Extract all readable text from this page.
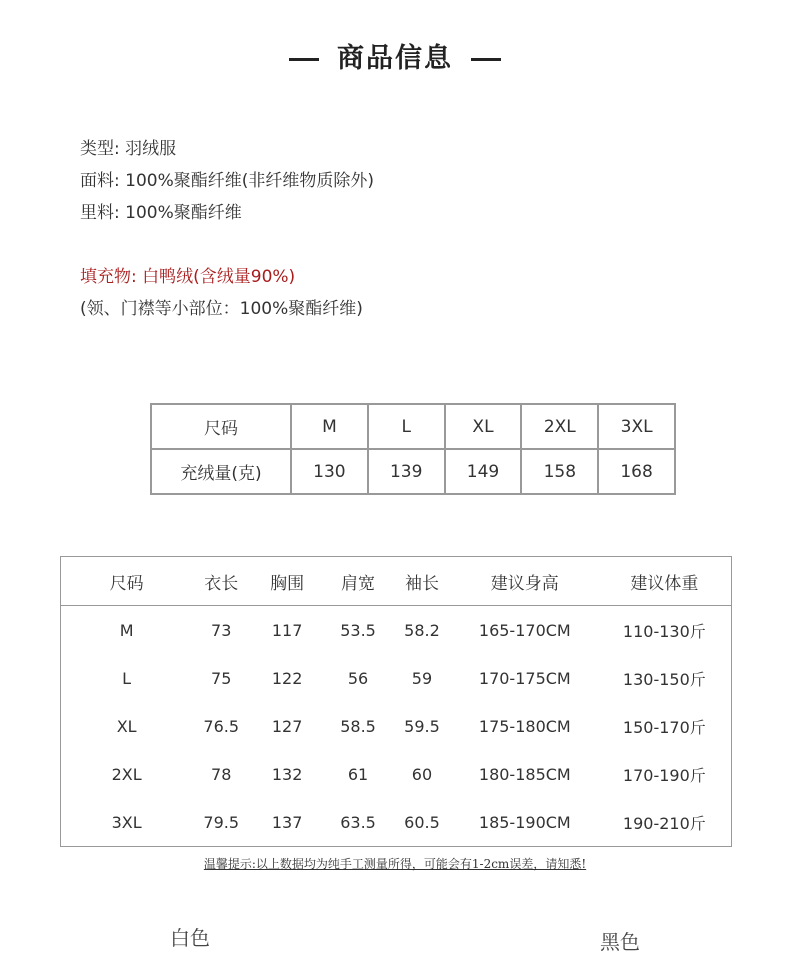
商品信息
类型: 羽绒服
面料: 100%聚酯纤维(非纤维物质除外)
里料: 100%聚酯纤维
填充物: 白鸭绒(含绒量90%)
(领、门襟等小部位：100%聚酯纤维)
尺码	M	L	XL	2XL	3XL
充绒量(克)	130	139	149	158	168
尺码	衣长	胸围	肩宽	袖长	建议身高	建议体重
M	73	117	53.5	58.2	165-170CM	110-130斤
L	75	122	56	59	170-175CM	130-150斤
XL	76.5	127	58.5	59.5	175-180CM	150-170斤
2XL	78	132	61	60	180-185CM	170-190斤
3XL	79.5	137	63.5	60.5	185-190CM	190-210斤
温馨提示:以上数据均为纯手工测量所得，可能会有1-2cm误差，请知悉!
白色	黑色
